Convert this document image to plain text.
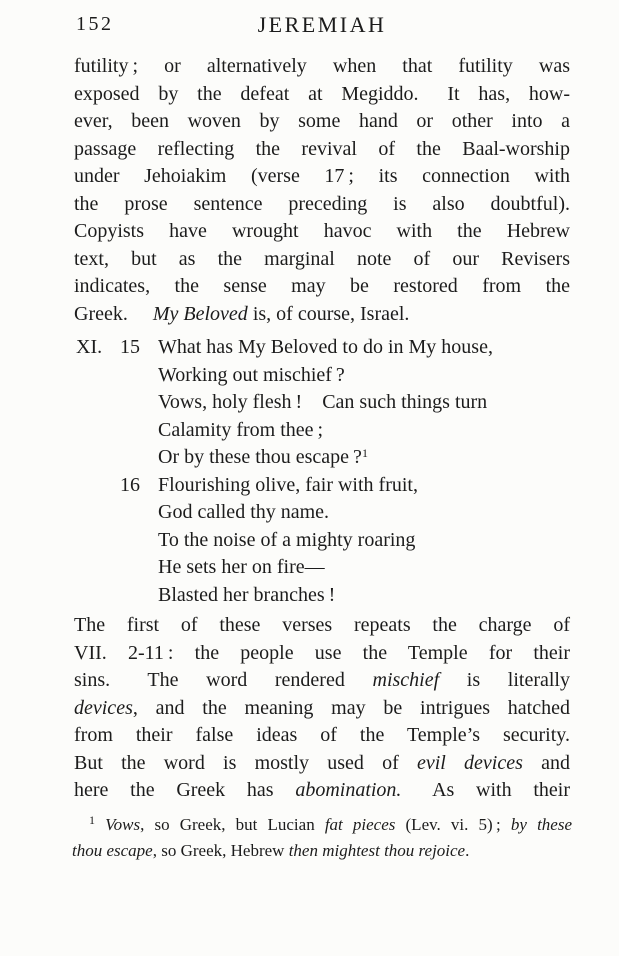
152	JEREMIAH
futility ; or alternatively when that futility was
exposed by the defeat at Megiddo.  It has, how-
ever, been woven by some hand or other into a
passage reflecting the revival of the Baal-worship
under Jehoiakim (verse 17 ; its connection with
the prose sentence preceding is also doubtful).
Copyists have wrought havoc with the Hebrew
text, but as the marginal note of our Revisers
indicates, the sense may be restored from the
Greek.  My Beloved is, of course, Israel.
XI. 15
16
What has My Beloved to do in My house,
Working out mischief ?
Vows, holy flesh ! Can such things turn
Calamity from thee ;
Or by these thou escape ?$^1$
Flourishing olive, fair with fruit,
God called thy name.
To the noise of a mighty roaring
He sets her on fire—
Blasted her branches !
The first of these verses repeats the charge of
VII. 2-11 : the people use the Temple for their
sins.  The word rendered mischief is literally
devices, and the meaning may be intrigues hatched
from their false ideas of the Temple’s security.
But the word is mostly used of evil devices and
here the Greek has abomination.  As with their
$^1$ Vows, so Greek, but Lucian fat pieces (Lev. vi. 5) ; by these
thou escape, so Greek, Hebrew then mightest thou rejoice.
